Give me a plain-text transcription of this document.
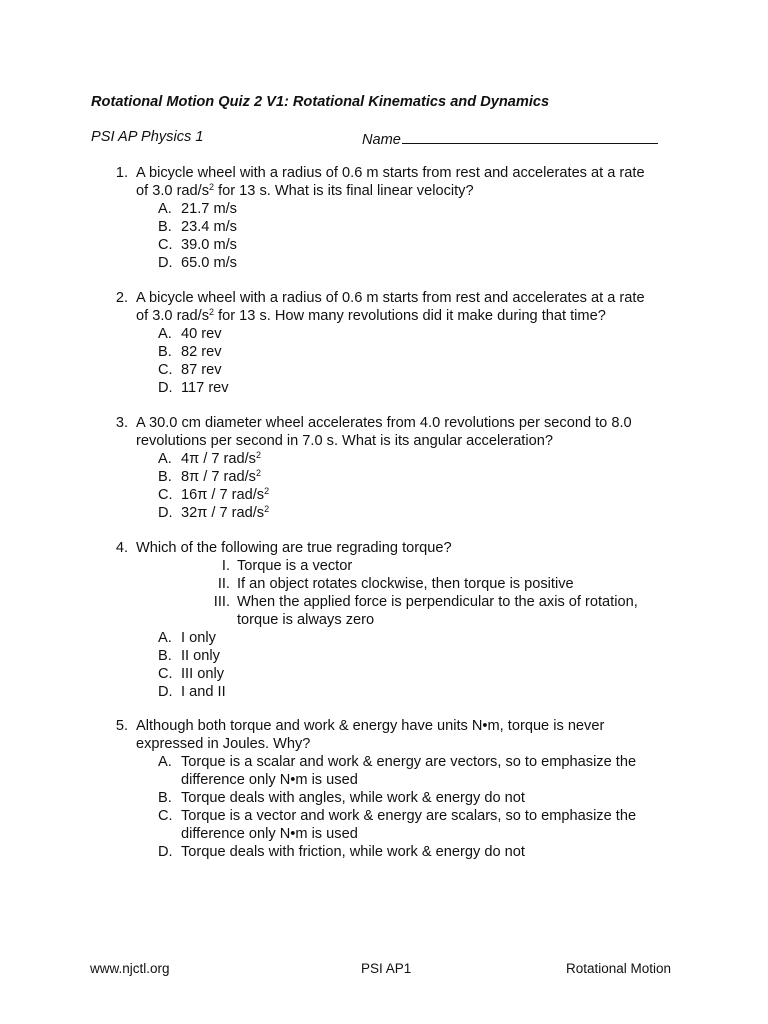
Rotational Motion Quiz 2 V1: Rotational Kinematics and Dynamics
PSI AP Physics 1	Name
1. A bicycle wheel with a radius of 0.6 m starts from rest and accelerates at a rate
of 3.0 rad/$s^2$ for 13 s. What is its final linear velocity?
A. 21.7 m/s
B. 23.4 m/s
C. 39.0 m/s
D. 65.0 m/s
2. A bicycle wheel with a radius of 0.6 m starts from rest and accelerates at a rate
of 3.0 rad/$s^2$ for 13 s. How many revolutions did it make during that time?
A. 40 rev
B. 82 rev
C. 87 rev
D. 117 rev
3. A 30.0 cm diameter wheel accelerates from 4.0 revolutions per second to 8.0
revolutions per second in 7.0 s. What is its angular acceleration?
A. 4π / 7 rad/$s^2$
B. 8π / 7 rad/$s^2$
C. 16π / 7 rad/$s^2$
D. 32π / 7 rad/$s^2$
4. Which of the following are true regrading torque?
I. Torque is a vector
II. If an object rotates clockwise, then torque is positive
III. When the applied force is perpendicular to the axis of rotation, torque is always zero
A. I only
B. II only
C. III only
D. I and II
5. Although both torque and work & energy have units N•m, torque is never
expressed in Joules. Why?
A. Torque is a scalar and work & energy are vectors, so to emphasize the difference only N•m is used
B. Torque deals with angles, while work & energy do not
C. Torque is a vector and work & energy are scalars, so to emphasize the difference only N•m is used
D. Torque deals with friction, while work & energy do not
www.njctl.org	PSI AP1	Rotational Motion
